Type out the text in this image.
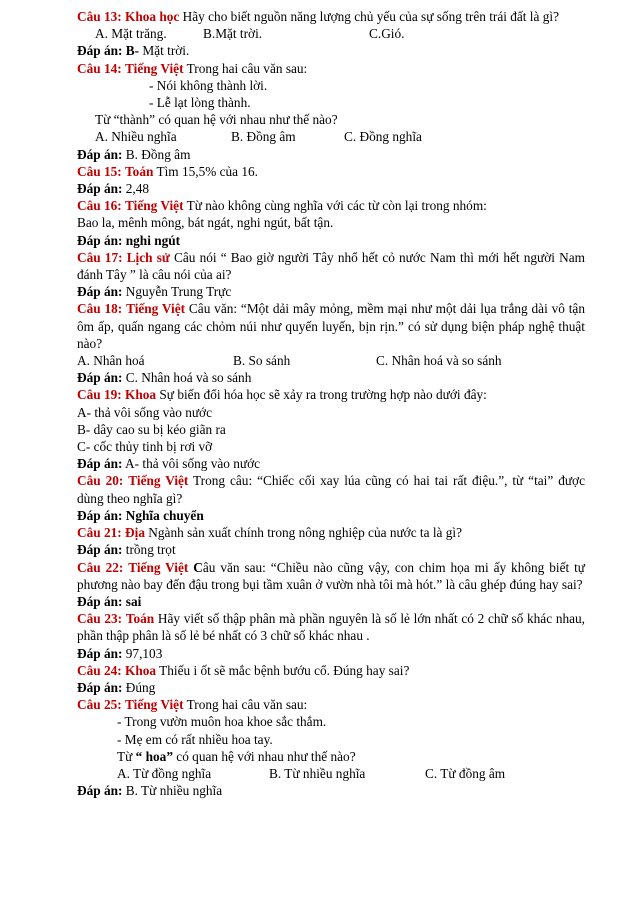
Câu 13: Khoa học Hãy cho biết nguồn năng lượng chủ yếu của sự sống trên trái đất là gì?
A. Mặt trăng.	B.Mặt trời.	C.Gió.
Đáp án: B- Mặt trời.
Câu 14: Tiếng Việt Trong hai câu văn sau:
- Nói không thành lời.
- Lễ lạt lòng thành.
Từ “thành” có quan hệ với nhau như thế nào?
A. Nhiều nghĩa	B. Đồng âm	C. Đồng nghĩa
Đáp án: B. Đồng âm
Câu 15: Toán Tìm 15,5% của 16.
Đáp án: 2,48
Câu 16: Tiếng Việt Từ nào không cùng nghĩa với các từ còn lại trong nhóm:
Bao la, mênh mông, bát ngát, nghi ngút, bất tận.
Đáp án: nghi ngút
Câu 17: Lịch sử Câu nói “ Bao giờ người Tây nhổ hết cỏ nước Nam thì mới hết người Nam đánh Tây ” là câu nói của ai?
Đáp án: Nguyễn Trung Trực
Câu 18: Tiếng Việt Câu văn: “Một dải mây mỏng, mềm mại như một dải lụa trắng dài vô tận ôm ấp, quấn ngang các chỏm núi như quyến luyến, bịn rịn.” có sử dụng biện pháp nghệ thuật nào?
A. Nhân hoá	B. So sánh	C. Nhân hoá và so sánh
Đáp án: C. Nhân hoá và so sánh
Câu 19: Khoa Sự biến đổi hóa học sẽ xảy ra trong trường hợp nào dưới đây:
A- thả vôi sống vào nước
B- dây cao su bị kéo giãn ra
C- cốc thủy tinh bị rơi vỡ
Đáp án: A- thả vôi sống vào nước
Câu 20: Tiếng Việt Trong câu: “Chiếc cối xay lúa cũng có hai tai rất điệu.”, từ “tai” được dùng theo nghĩa gì?
Đáp án: Nghĩa chuyển
Câu 21: Địa Ngành sản xuất chính trong nông nghiệp của nước ta là gì?
Đáp án: trồng trọt
Câu 22: Tiếng Việt Câu văn sau: “Chiều nào cũng vậy, con chim họa mi ấy không biết tự phương nào bay đến đậu trong bụi tầm xuân ở vườn nhà tôi mà hót.” là câu ghép đúng hay sai?
Đáp án: sai
Câu 23: Toán Hãy viết số thập phân mà phần nguyên là số lẻ lớn nhất có 2 chữ số khác nhau, phần thập phân là số lẻ bé nhất có 3 chữ số khác nhau .
Đáp án: 97,103
Câu 24: Khoa Thiếu i ốt sẽ mắc bệnh bướu cổ. Đúng hay sai?
Đáp án: Đúng
Câu 25: Tiếng Việt Trong hai câu văn sau:
- Trong vườn muôn hoa khoe sắc thắm.
- Mẹ em có rất nhiều hoa tay.
Từ “ hoa” có quan hệ với nhau như thế nào?
A. Từ đồng nghĩa	B. Từ nhiều nghĩa	C. Từ đồng âm
Đáp án: B. Từ nhiều nghĩa
